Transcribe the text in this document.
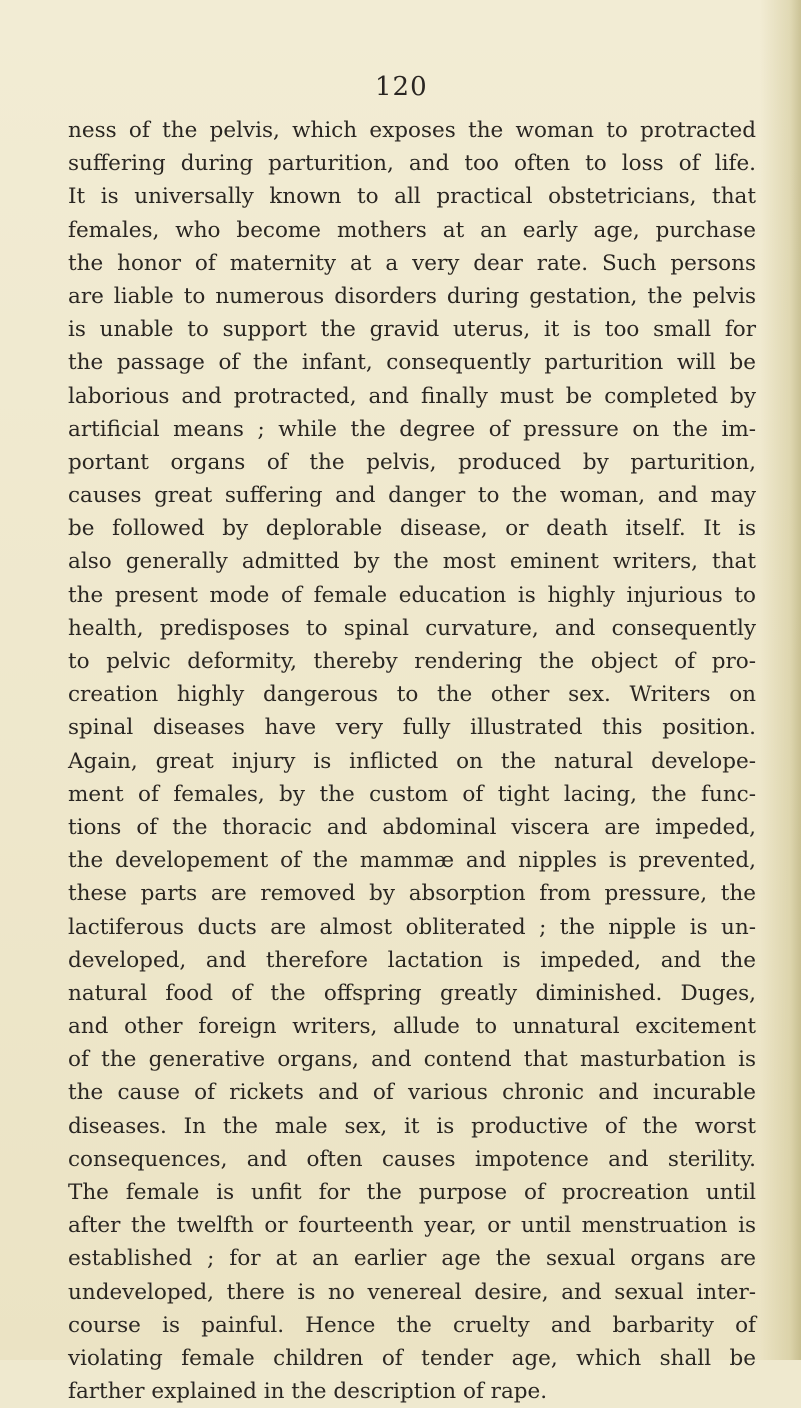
120
ness of the pelvis, which exposes the woman to protracted
suffering during parturition, and too often to loss of life.
It is universally known to all practical obstetricians, that
females, who become mothers at an early age, purchase
the honor of maternity at a very dear rate. Such persons
are liable to numerous disorders during gestation, the pelvis
is unable to support the gravid uterus, it is too small for
the passage of the infant, consequently parturition will be
laborious and protracted, and finally must be completed by
artificial means ; while the degree of pressure on the im-
portant organs of the pelvis, produced by parturition,
causes great suffering and danger to the woman, and may
be followed by deplorable disease, or death itself. It is
also generally admitted by the most eminent writers, that
the present mode of female education is highly injurious to
health, predisposes to spinal curvature, and consequently
to pelvic deformity, thereby rendering the object of pro-
creation highly dangerous to the other sex. Writers on
spinal diseases have very fully illustrated this position.
Again, great injury is inflicted on the natural develope-
ment of females, by the custom of tight lacing, the func-
tions of the thoracic and abdominal viscera are impeded,
the developement of the mammæ and nipples is prevented,
these parts are removed by absorption from pressure, the
lactiferous ducts are almost obliterated ; the nipple is un-
developed, and therefore lactation is impeded, and the
natural food of the offspring greatly diminished. Duges,
and other foreign writers, allude to unnatural excitement
of the generative organs, and contend that masturbation is
the cause of rickets and of various chronic and incurable
diseases. In the male sex, it is productive of the worst
consequences, and often causes impotence and sterility.
The female is unfit for the purpose of procreation until
after the twelfth or fourteenth year, or until menstruation is
established ; for at an earlier age the sexual organs are
undeveloped, there is no venereal desire, and sexual inter-
course is painful. Hence the cruelty and barbarity of
violating female children of tender age, which shall be
farther explained in the description of rape.
